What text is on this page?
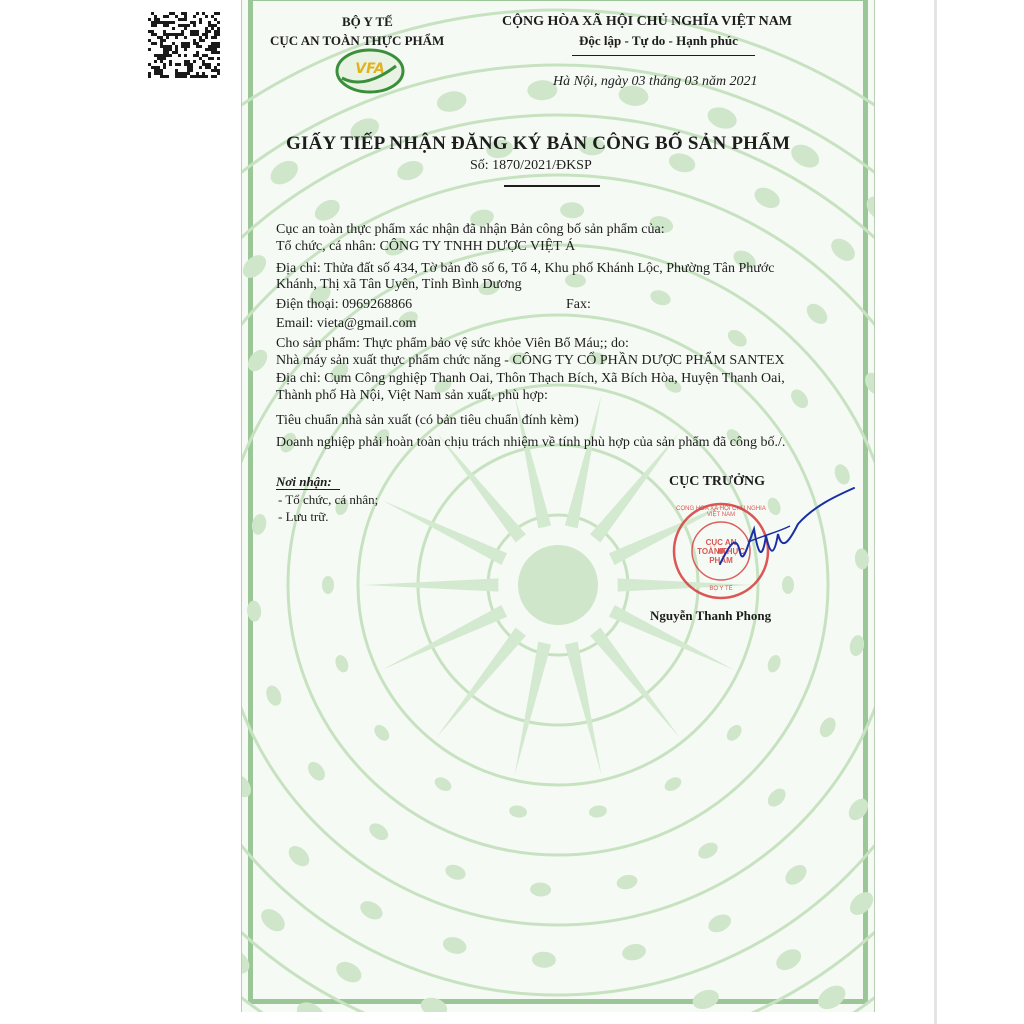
BỘ Y TẾ
CỤC AN TOÀN THỰC PHẨM
VFA
CỘNG HÒA XÃ HỘI CHỦ NGHĨA VIỆT NAM
Độc lập - Tự do - Hạnh phúc
Hà Nội, ngày 03 tháng 03 năm 2021
GIẤY TIẾP NHẬN ĐĂNG KÝ BẢN CÔNG BỐ SẢN PHẨM
Số: 1870/2021/ĐKSP
Cục an toàn thực phẩm xác nhận đã nhận Bản công bố sản phẩm của:
Tổ chức, cá nhân: CÔNG TY TNHH DƯỢC VIỆT Á
Địa chỉ: Thửa đất số 434, Tờ bản đồ số 6, Tổ 4, Khu phố Khánh Lộc, Phường Tân Phước
Khánh, Thị xã Tân Uyên, Tỉnh Bình Dương
Điện thoại: 0969268866	Fax:
Email: vieta@gmail.com
Cho sản phẩm: Thực phẩm bảo vệ sức khỏe Viên Bổ Máu;; do:
Nhà máy sản xuất thực phẩm chức năng - CÔNG TY CỔ PHẦN DƯỢC PHẨM SANTEX
Địa chỉ: Cụm Công nghiệp Thanh Oai, Thôn Thạch Bích, Xã Bích Hòa, Huyện Thanh Oai,
Thành phố Hà Nội, Việt Nam sản xuất, phù hợp:
Tiêu chuẩn nhà sản xuất (có bản tiêu chuẩn đính kèm)
Doanh nghiệp phải hoàn toàn chịu trách nhiệm về tính phù hợp của sản phẩm đã công bố./.
Nơi nhận:
- Tổ chức, cá nhân;
- Lưu trữ.
CỤC TRƯỞNG
CỘNG HÒA XÃ HỘI CHỦ NGHĨA VIỆT NAM
CỤC AN TOÀN THỰC PHẨM
BỘ Y TẾ
Nguyễn Thanh Phong
